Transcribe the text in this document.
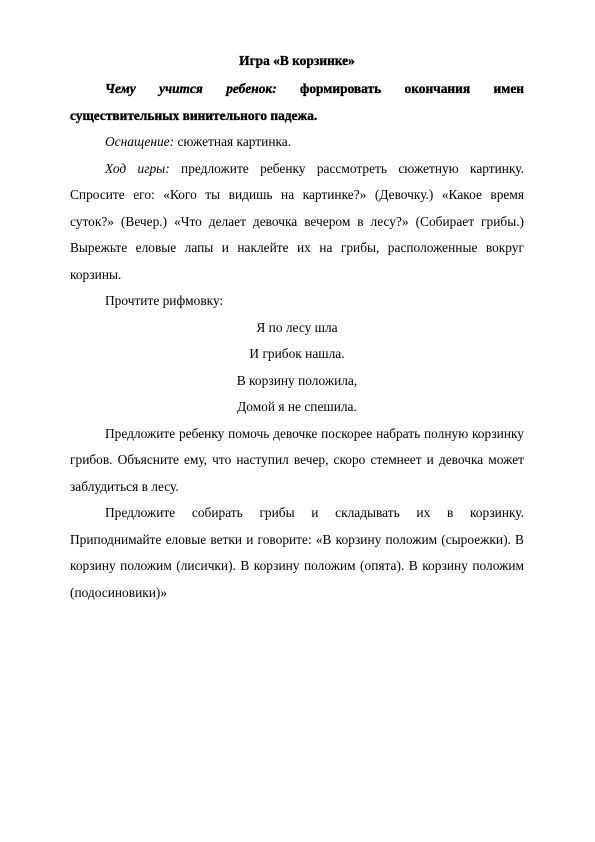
Игра «В корзинке»

Чему учится ребенок: формировать окончания имен существительных винительного падежа.

Оснащение: сюжетная картинка.

Ход игры: предложите ребенку рассмотреть сюжетную картинку. Спросите его: «Кого ты видишь на картинке?» (Девочку.) «Какое время суток?» (Вечер.) «Что делает девочка вечером в лесу?» (Собирает грибы.) Вырежьте еловые лапы и наклейте их на грибы, расположенные вокруг корзины.

Прочтите рифмовку:

Я по лесу шла
И грибок нашла.
В корзину положила,
Домой я не спешила.

Предложите ребенку помочь девочке поскорее набрать полную корзинку грибов. Объясните ему, что наступил вечер, скоро стемнеет и девочка может заблудиться в лесу.

Предложите собирать грибы и складывать их в корзинку. Приподнимайте еловые ветки и говорите: «В корзину положим (сыроежки). В корзину положим (лисички). В корзину положим (опята). В корзину положим (подосиновики)»
